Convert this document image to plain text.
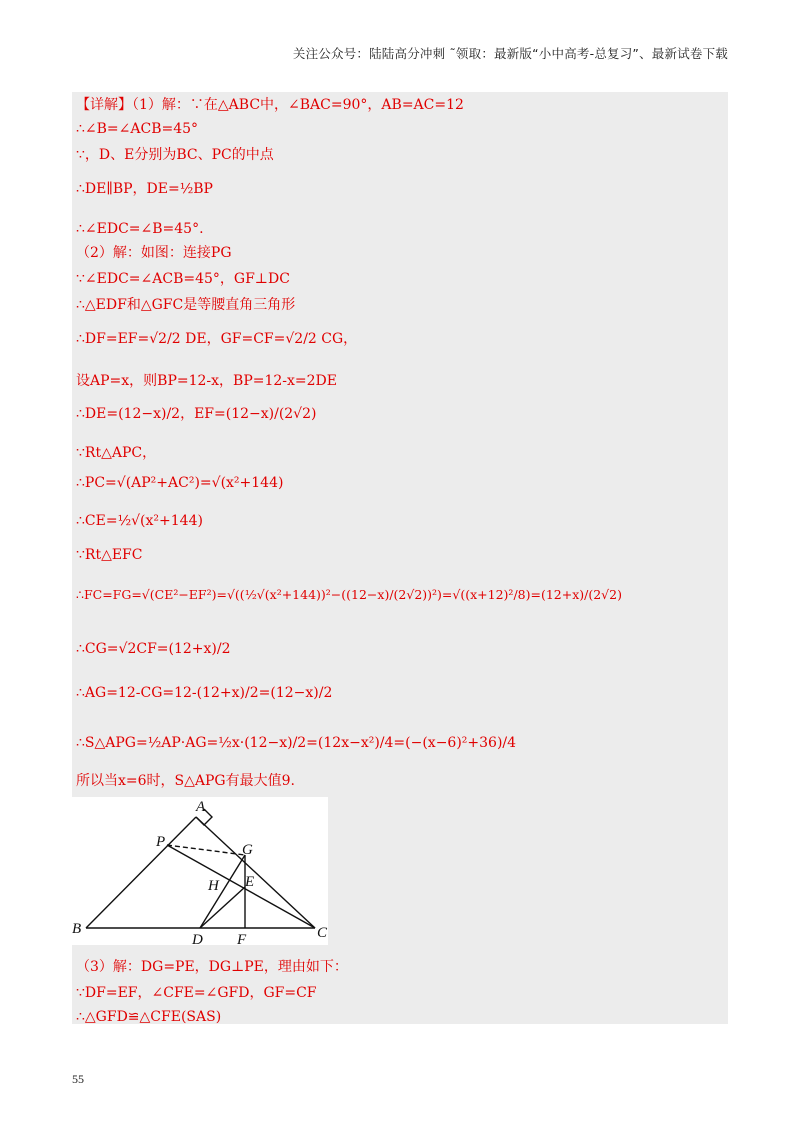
关注公众号：陆陆高分冲刺 ˜领取：最新版“小中高考-总复习”、最新试卷下载
【详解】（1）解：∵在△ABC中，∠BAC=90°，AB=AC=12
∴∠B=∠ACB=45°
∵，D、E分别为BC、PC的中点
∴DE∥BP，DE=½BP
∴∠EDC=∠B=45°.
（2）解：如图：连接PG
∵∠EDC=∠ACB=45°，GF⊥DC
∴△EDF和△GFC是等腰直角三角形
∴DF=EF=√2/2 DE，GF=CF=√2/2 CG，
设AP=x，则BP=12-x，BP=12-x=2DE
∴DE=(12−x)/2，EF=(12−x)/(2√2)
∵Rt△APC，
∴PC=√(AP²+AC²)=√(x²+144)
∴CE=½√(x²+144)
∵Rt△EFC
∴FC=FG=√(CE²−EF²)=√((½√(x²+144))²−((12−x)/(2√2))²)=√((x+12)²/8)=(12+x)/(2√2)
∴CG=√2CF=(12+x)/2
∴AG=12-CG=12-(12+x)/2=(12−x)/2
∴S△APG=½AP·AG=½x·(12−x)/2=(12x−x²)/4=(−(x−6)²+36)/4
所以当x=6时，S△APG有最大值9.
A
B	C
D
E
F
G
H
P
（3）解：DG=PE，DG⊥PE，理由如下：
∵DF=EF，∠CFE=∠GFD，GF=CF
∴△GFD≌△CFE(SAS)
55
